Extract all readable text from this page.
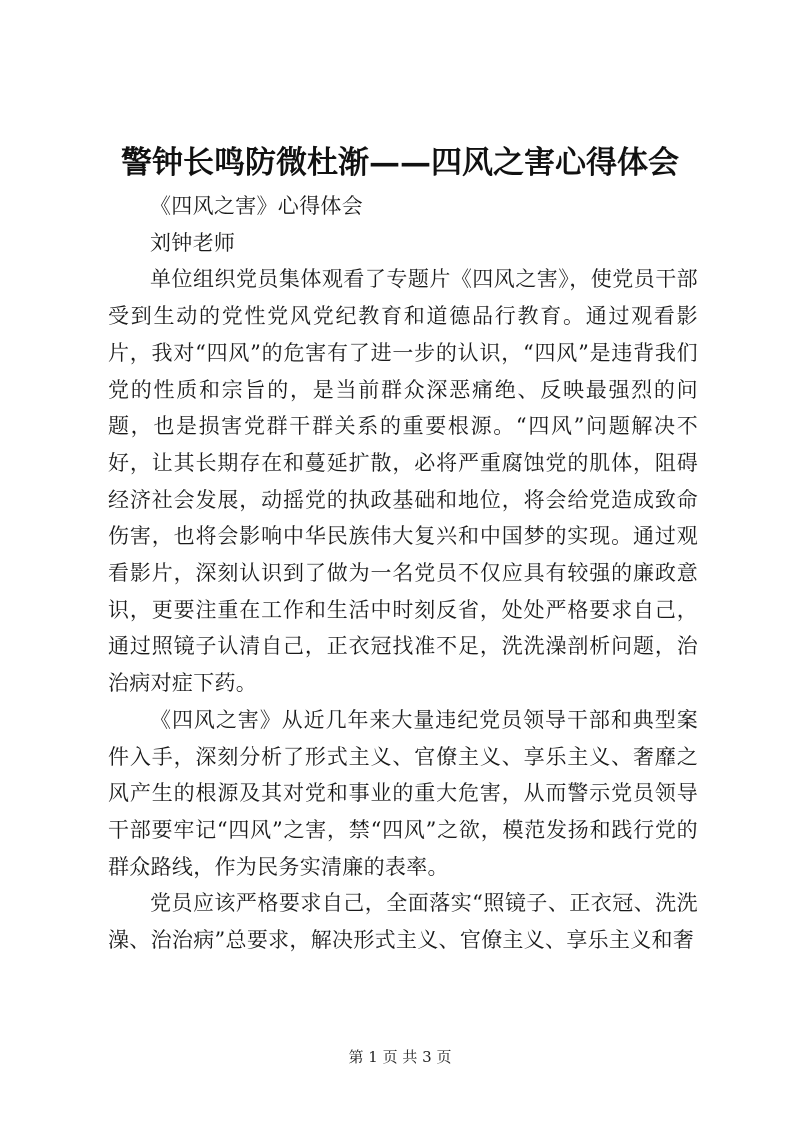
警钟长鸣防微杜渐——四风之害心得体会

《四风之害》心得体会

刘钟老师

单位组织党员集体观看了专题片《四风之害》，使党员干部受到生动的党性党风党纪教育和道德品行教育。通过观看影片，我对“四风”的危害有了进一步的认识，“四风”是违背我们党的性质和宗旨的，是当前群众深恶痛绝、反映最强烈的问题，也是损害党群干群关系的重要根源。“四风”问题解决不好，让其长期存在和蔓延扩散，必将严重腐蚀党的肌体，阻碍经济社会发展，动摇党的执政基础和地位，将会给党造成致命伤害，也将会影响中华民族伟大复兴和中国梦的实现。通过观看影片，深刻认识到了做为一名党员不仅应具有较强的廉政意识，更要注重在工作和生活中时刻反省，处处严格要求自己，通过照镜子认清自己，正衣冠找准不足，洗洗澡剖析问题，治治病对症下药。

《四风之害》从近几年来大量违纪党员领导干部和典型案件入手，深刻分析了形式主义、官僚主义、享乐主义、奢靡之风产生的根源及其对党和事业的重大危害，从而警示党员领导干部要牢记“四风”之害，禁“四风”之欲，模范发扬和践行党的群众路线，作为民务实清廉的表率。

党员应该严格要求自己，全面落实“照镜子、正衣冠、洗洗澡、治治病”总要求，解决形式主义、官僚主义、享乐主义和奢

第 1 页 共 3 页
